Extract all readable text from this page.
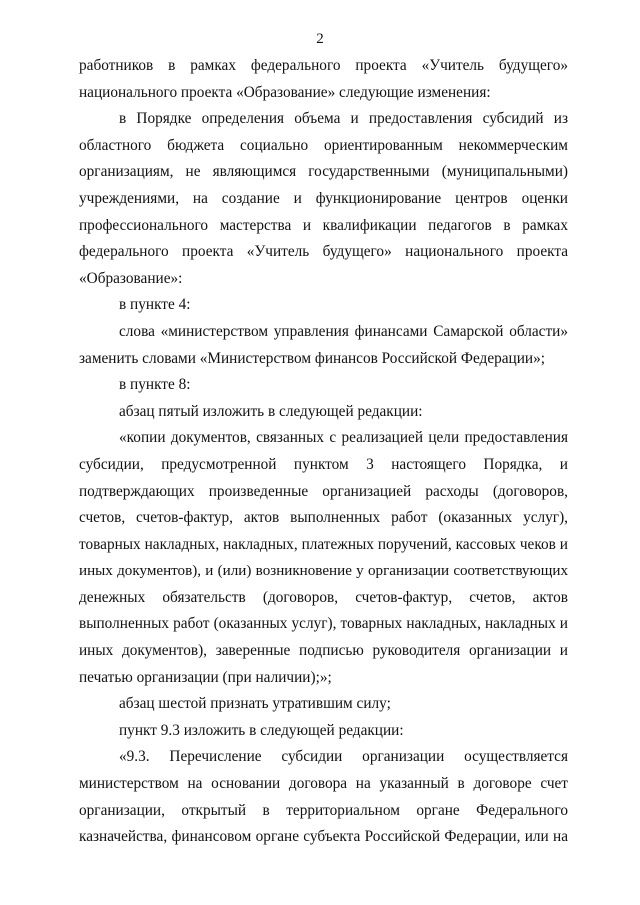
2
работников в рамках федерального проекта «Учитель будущего»
национального проекта «Образование» следующие изменения:
в Порядке определения объема и предоставления субсидий из
областного бюджета социально ориентированным некоммерческим
организациям, не являющимся государственными (муниципальными)
учреждениями, на создание и функционирование центров оценки
профессионального мастерства и квалификации педагогов в рамках
федерального проекта «Учитель будущего» национального проекта
«Образование»:
в пункте 4:
слова «министерством управления финансами Самарской области»
заменить словами «Министерством финансов Российской Федерации»;
в пункте 8:
абзац пятый изложить в следующей редакции:
«копии документов, связанных с реализацией цели предоставления
субсидии, предусмотренной пунктом 3 настоящего Порядка, и
подтверждающих произведенные организацией расходы (договоров,
счетов, счетов-фактур, актов выполненных работ (оказанных услуг),
товарных накладных, накладных, платежных поручений, кассовых чеков и
иных документов), и (или) возникновение у организации соответствующих
денежных обязательств (договоров, счетов-фактур, счетов, актов
выполненных работ (оказанных услуг), товарных накладных, накладных и
иных документов), заверенные подписью руководителя организации и
печатью организации (при наличии);»;
абзац шестой признать утратившим силу;
пункт 9.3 изложить в следующей редакции:
«9.3. Перечисление субсидии организации осуществляется
министерством на основании договора на указанный в договоре счет
организации, открытый в территориальном органе Федерального
казначейства, финансовом органе субъекта Российской Федерации, или на
